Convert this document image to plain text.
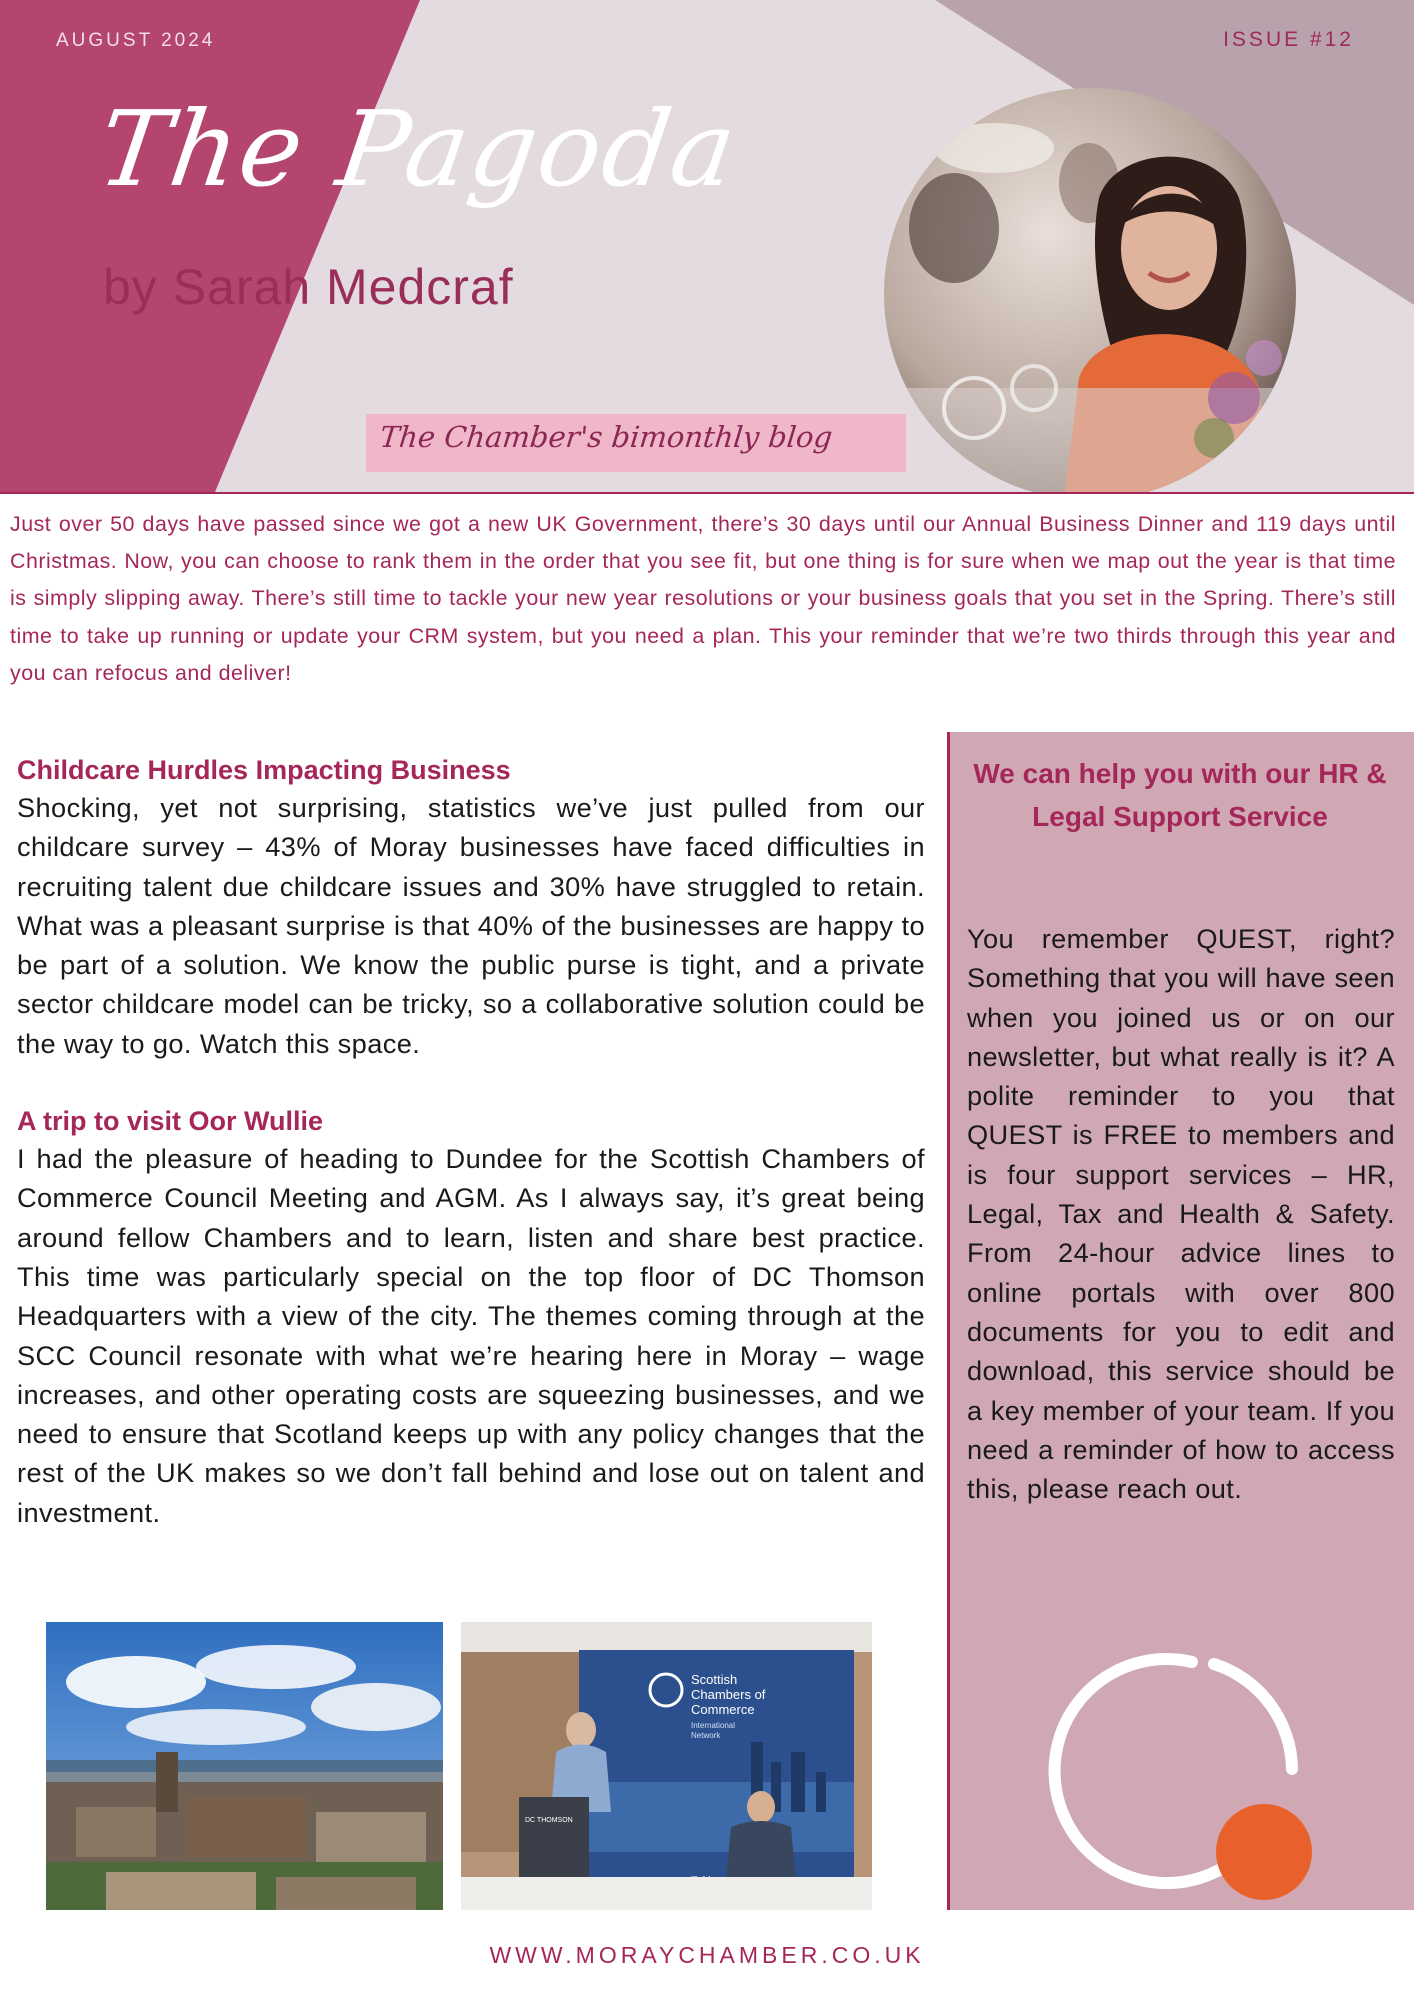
AUGUST 2024	ISSUE #12
The Pagoda
by Sarah Medcraf
The Chamber's bimonthly blog

Just over 50 days have passed since we got a new UK Government, there’s 30 days until our Annual Business Dinner and 119 days until Christmas. Now, you can choose to rank them in the order that you see fit, but one thing is for sure when we map out the year is that time is simply slipping away. There’s still time to tackle your new year resolutions or your business goals that you set in the Spring. There’s still time to take up running or update your CRM system, but you need a plan. This your reminder that we’re two thirds through this year and you can refocus and deliver!

Childcare Hurdles Impacting Business

Shocking, yet not surprising, statistics we’ve just pulled from our childcare survey – 43% of Moray businesses have faced difficulties in recruiting talent due childcare issues and 30% have struggled to retain. What was a pleasant surprise is that 40% of the businesses are happy to be part of a solution. We know the public purse is tight, and a private sector childcare model can be tricky, so a collaborative solution could be the way to go. Watch this space.

A trip to visit Oor Wullie

I had the pleasure of heading to Dundee for the Scottish Chambers of Commerce Council Meeting and AGM. As I always say, it’s great being around fellow Chambers and to learn, listen and share best practice. This time was particularly special on the top floor of DC Thomson Headquarters with a view of the city. The themes coming through at the SCC Council resonate with what we’re hearing here in Moray – wage increases, and other operating costs are squeezing businesses, and we need to ensure that Scotland keeps up with any policy changes that the rest of the UK makes so we don’t fall behind and lose out on talent and investment.

Scottish
Chambers of
Commerce
International
Network
DC THOMSON
We can help you with our HR & Legal Support Service

You remember QUEST, right? Something that you will have seen when you joined us or on our newsletter, but what really is it? A polite reminder to you that QUEST is FREE to members and is four support services – HR, Legal, Tax and Health & Safety. From 24-hour advice lines to online portals with over 800 documents for you to edit and download, this service should be a key member of your team. If you need a reminder of how to access this, please reach out.

WWW.MORAYCHAMBER.CO.UK
